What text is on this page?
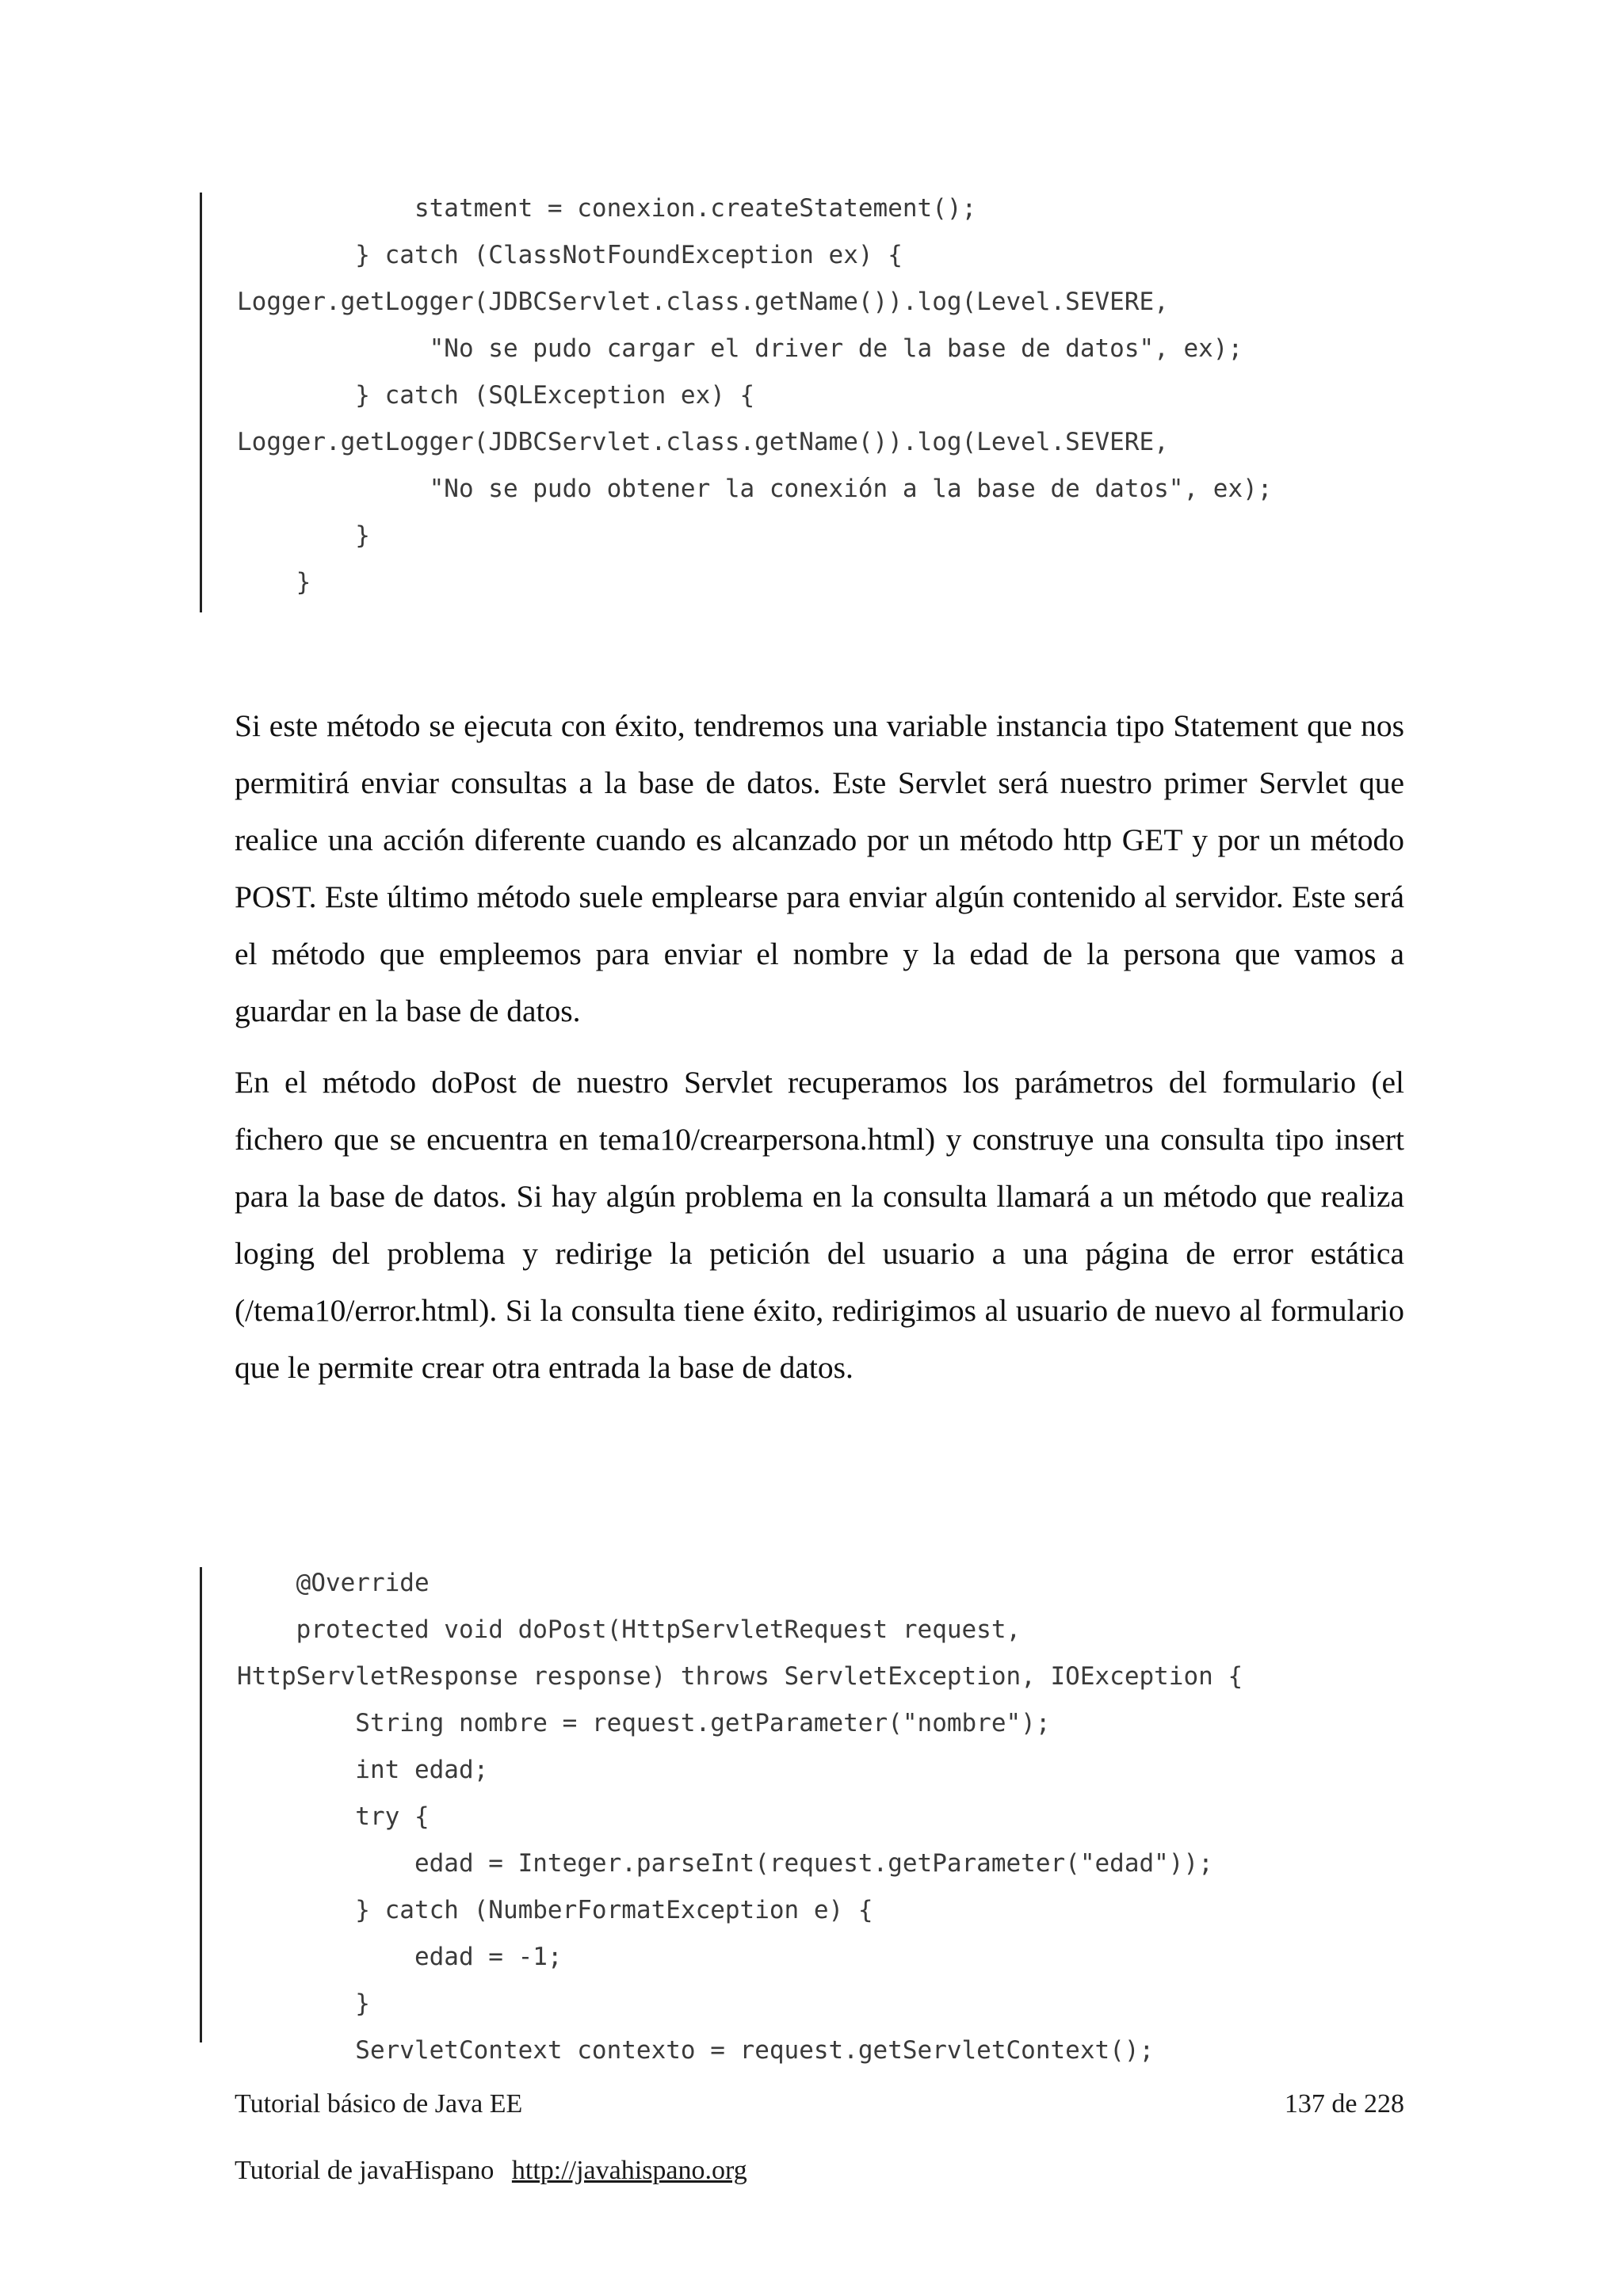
statment = conexion.createStatement();
} catch (ClassNotFoundException ex) {
Logger.getLogger(JDBCServlet.class.getName()).log(Level.SEVERE,
"No se pudo cargar el driver de la base de datos", ex);
} catch (SQLException ex) {
Logger.getLogger(JDBCServlet.class.getName()).log(Level.SEVERE,
"No se pudo obtener la conexión a la base de datos", ex);
}
}

Si este método se ejecuta con éxito, tendremos una variable instancia tipo Statement que nos permitirá enviar consultas a la base de datos. Este Servlet será nuestro primer Servlet que realice una acción diferente cuando es alcanzado por un método http GET y por un método POST. Este último método suele emplearse para enviar algún contenido al servidor. Este será el método que empleemos para enviar el nombre y la edad de la persona que vamos a guardar en la base de datos.

En el método doPost de nuestro Servlet recuperamos los parámetros del formulario (el fichero que se encuentra en tema10/crearpersona.html) y construye una consulta tipo insert para la base de datos. Si hay algún problema en la consulta llamará a un método que realiza loging del problema y redirige la petición del usuario a una página de error estática (/tema10/error.html). Si la consulta tiene éxito, redirigimos al usuario de nuevo al formulario que le permite crear otra entrada la base de datos.

@Override
protected void doPost(HttpServletRequest request,
HttpServletResponse response) throws ServletException, IOException {
String nombre = request.getParameter("nombre");
int edad;
try {
edad = Integer.parseInt(request.getParameter("edad"));
} catch (NumberFormatException e) {
edad = -1;
}
ServletContext contexto = request.getServletContext();
Tutorial básico de Java EE	137 de 228
Tutorial de javaHispano http://javahispano.org
